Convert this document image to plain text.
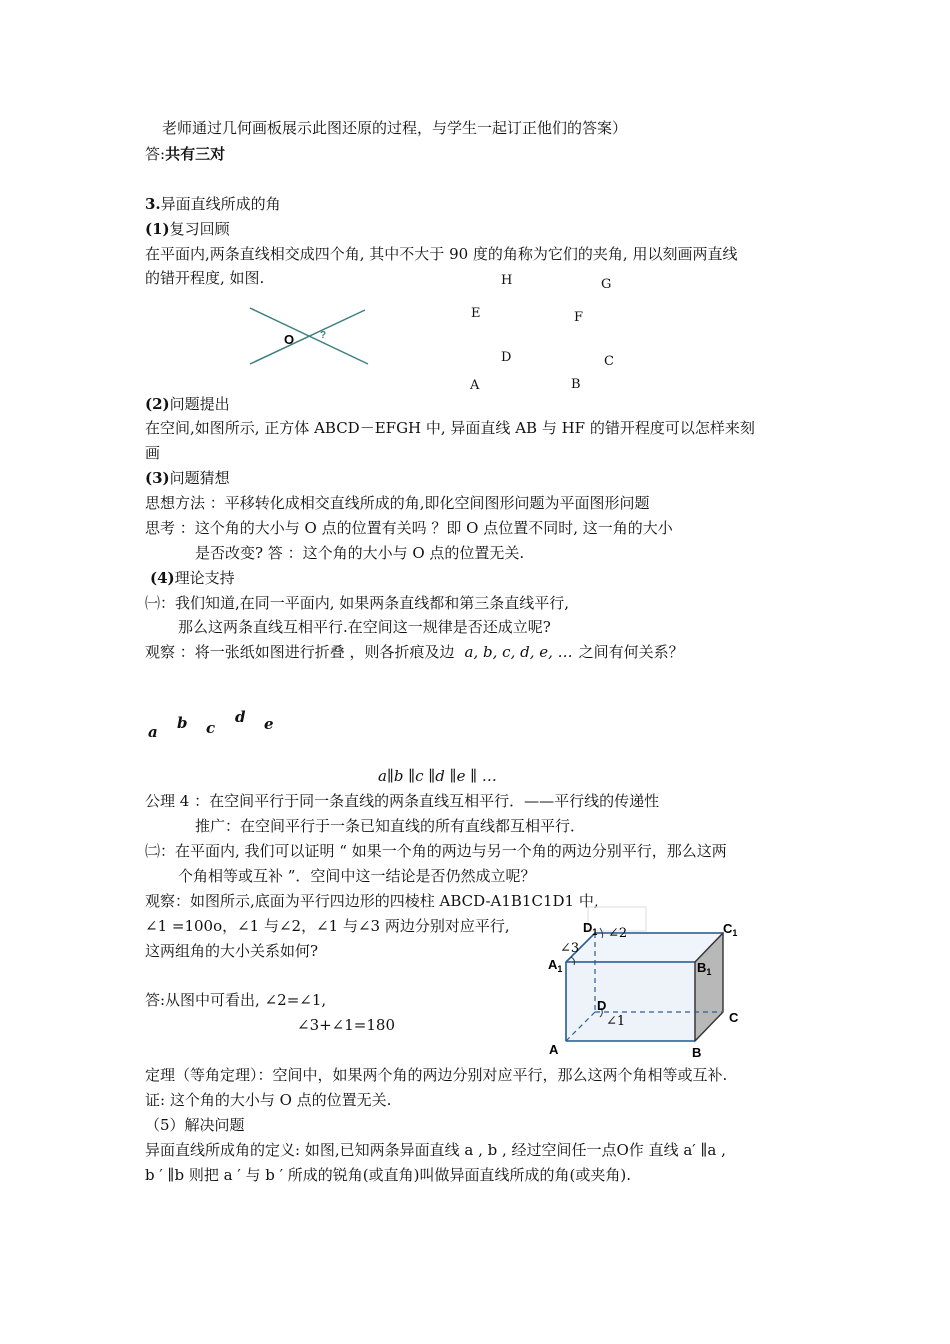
老师通过几何画板展示此图还原的过程，与学生一起订正他们的答案）
答:共有三对
3.异面直线所成的角
(1)复习回顾
在平面内,两条直线相交成四个角, 其中不大于 90 度的角称为它们的夹角, 用以刻画两直线
的错开程度, 如图.
O	?
H	G
E	F
D	C
A	B
(2)问题提出
在空间,如图所示, 正方体 ABCD－EFGH 中, 异面直线 AB 与 HF 的错开程度可以怎样来刻
画
(3)问题猜想
思想方法 ：平移转化成相交直线所成的角,即化空间图形问题为平面图形问题
思考 ：这个角的大小与 O 点的位置有关吗 ？即 O 点位置不同时, 这一角的大小
是否改变? 答 ：这个角的大小与 O 点的位置无关.
(4)理论支持
㈠：我们知道,在同一平面内, 如果两条直线都和第三条直线平行,
那么这两条直线互相平行.在空间这一规律是否还成立呢?
观察 ：将一张纸如图进行折叠 ，则各折痕及边 a, b, c, d, e, … 之间有何关系？
a b c
d e
a∥b ∥c ∥d ∥e ∥ …
公理 4 ：在空间平行于同一条直线的两条直线互相平行．——平行线的传递性
推广：在空间平行于一条已知直线的所有直线都互相平行．
㈡：在平面内, 我们可以证明 “ 如果一个角的两边与另一个角的两边分别平行，那么这两
个角相等或互补 ”．空间中这一结论是否仍然成立呢？
观察：如图所示,底面为平行四边形的四棱柱 ABCD-A1B1C1D1 中,
∠1 =100o，∠1 与∠2，∠1 与∠3 两边分别对应平行,
这两组角的大小关系如何?
答:从图中可看出, ∠2=∠1,
∠3+∠1=180
$D_1$ ∠2	$C_1$
∠3
$A_1$	$B_1$
D
∠1	C
A	B
定理（等角定理）：空间中，如果两个角的两边分别对应平行，那么这两个角相等或互补.
证: 这个角的大小与 O 点的位置无关.
（5）解决问题
异面直线所成角的定义: 如图,已知两条异面直线 a , b , 经过空间任一点O作 直线 a′ ∥a ,
b ′ ∥b 则把 a ′ 与 b ′ 所成的锐角(或直角)叫做异面直线所成的角(或夹角).
